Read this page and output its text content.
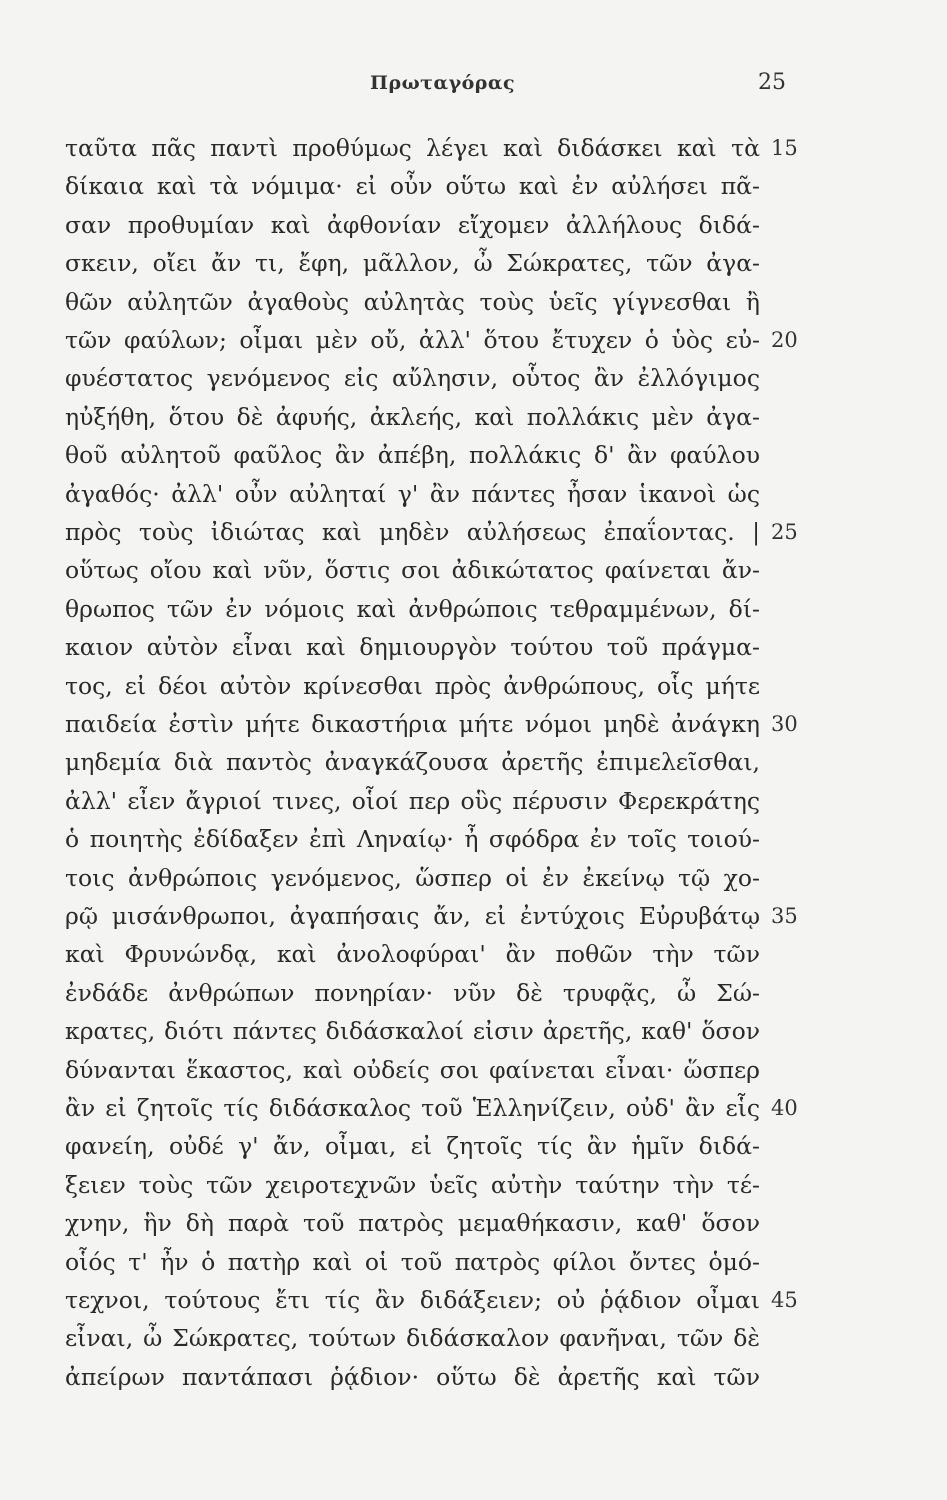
Πρωταγόρας	25
ταῦτα πᾶς παντὶ προθύμως λέγει καὶ διδάσκει καὶ τὰ 15
δίκαια καὶ τὰ νόμιμα· εἰ οὖν οὕτω καὶ ἐν αὐλήσει πᾶ-
σαν προθυμίαν καὶ ἀφθονίαν εἴχομεν ἀλλήλους διδά-
σκειν, οἴει ἄν τι, ἔφη, μᾶλλον, ὦ Σώκρατες, τῶν ἀγα-
θῶν αὐλητῶν ἀγαθοὺς αὐλητὰς τοὺς ὑεῖς γίγνεσθαι ἢ
τῶν φαύλων; οἶμαι μὲν οὔ, ἀλλ' ὅτου ἔτυχεν ὁ ὑὸς εὐ- 20
φυέστατος γενόμενος εἰς αὔλησιν, οὗτος ἂν ἐλλόγιμος
ηὐξήθη, ὅτου δὲ ἀφυής, ἀκλεής, καὶ πολλάκις μὲν ἀγα-
θοῦ αὐλητοῦ φαῦλος ἂν ἀπέβη, πολλάκις δ' ἂν φαύλου
ἀγαθός· ἀλλ' οὖν αὐληταί γ' ἂν πάντες ἦσαν ἱκανοὶ ὡς
πρὸς τοὺς ἰδιώτας καὶ μηδὲν αὐλήσεως ἐπαΐοντας. | 25
οὕτως οἴου καὶ νῦν, ὅστις σοι ἀδικώτατος φαίνεται ἄν-
θρωπος τῶν ἐν νόμοις καὶ ἀνθρώποις τεθραμμένων, δί-
καιον αὐτὸν εἶναι καὶ δημιουργὸν τούτου τοῦ πράγμα-
τος, εἰ δέοι αὐτὸν κρίνεσθαι πρὸς ἀνθρώπους, οἷς μήτε
παιδεία ἐστὶν μήτε δικαστήρια μήτε νόμοι μηδὲ ἀνάγκη 30
μηδεμία διὰ παντὸς ἀναγκάζουσα ἀρετῆς ἐπιμελεῖσθαι,
ἀλλ' εἶεν ἄγριοί τινες, οἷοί περ οὓς πέρυσιν Φερεκράτης
ὁ ποιητὴς ἐδίδαξεν ἐπὶ Ληναίῳ· ἦ σφόδρα ἐν τοῖς τοιού-
τοις ἀνθρώποις γενόμενος, ὥσπερ οἱ ἐν ἐκείνῳ τῷ χο-
ρῷ μισάνθρωποι, ἀγαπήσαις ἄν, εἰ ἐντύχοις Εὐρυβάτῳ 35
καὶ Φρυνώνδᾳ, καὶ ἀνολοφύραι' ἂν ποθῶν τὴν τῶν
ἐνδάδε ἀνθρώπων πονηρίαν· νῦν δὲ τρυφᾷς, ὦ Σώ-
κρατες, διότι πάντες διδάσκαλοί εἰσιν ἀρετῆς, καθ' ὅσον
δύνανται ἕκαστος, καὶ οὐδείς σοι φαίνεται εἶναι· ὥσπερ
ἂν εἰ ζητοῖς τίς διδάσκαλος τοῦ Ἑλληνίζειν, οὐδ' ἂν εἷς 40
φανείη, οὐδέ γ' ἄν, οἶμαι, εἰ ζητοῖς τίς ἂν ἡμῖν διδά-
ξειεν τοὺς τῶν χειροτεχνῶν ὑεῖς αὐτὴν ταύτην τὴν τέ-
χνην, ἣν δὴ παρὰ τοῦ πατρὸς μεμαθήκασιν, καθ' ὅσον
οἷός τ' ἦν ὁ πατὴρ καὶ οἱ τοῦ πατρὸς φίλοι ὄντες ὁμό-
τεχνοι, τούτους ἔτι τίς ἂν διδάξειεν; οὐ ῥᾴδιον οἶμαι 45
εἶναι, ὦ Σώκρατες, τούτων διδάσκαλον φανῆναι, τῶν δὲ
ἀπείρων παντάπασι ῥᾴδιον· οὕτω δὲ ἀρετῆς καὶ τῶν
